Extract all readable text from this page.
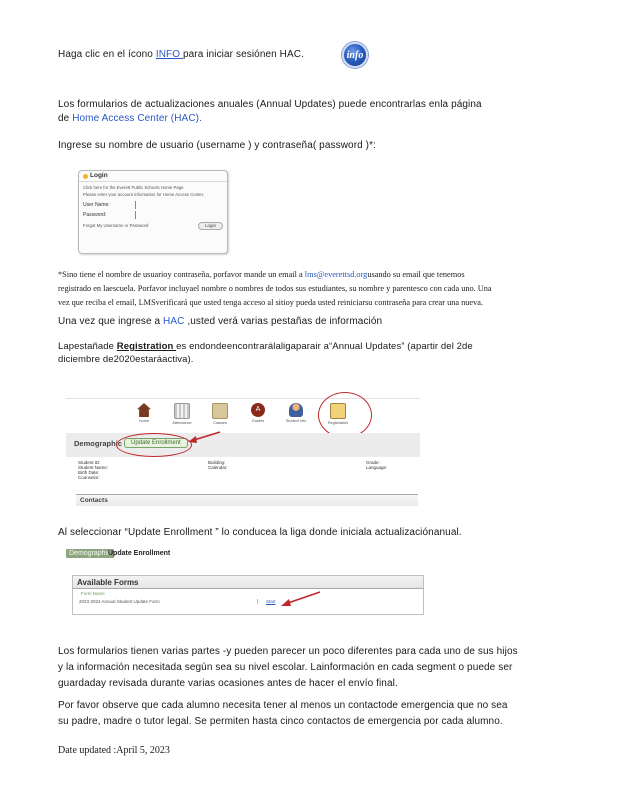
Haga clic en el ícono INFO para iniciar sesiónen HAC.	info
Los formularios de actualizaciones anuales (Annual Updates) puede encontrarlas enla página
de Home Access Center (HAC).
Ingrese su nombre de usuario (username ) y contraseña( password )*:
Login
Click here for the Everett Public Schools Home Page
Please enter your account information for Home Access Center.
User Name:
Password:
Forgot My Username or Password	Login
*Sino tiene el nombre de usuarioy contraseña, porfavor mande un email a lms@everettsd.orgusando su email que tenemos
registrado en laescuela. Porfavor incluyael nombre o nombres de todos sus estudiantes, su nombre y parentesco con cada uno. Una
vez que reciba el email, LMSverificará que usted tenga acceso al sitioy pueda usted reiniciarsu contraseña para crear una nueva.
Una vez que ingrese a HAC ,usted verá varias pestañas de información
Lapestañade Registration es endondeencontrarálaligaparair a“Annual Updates” (apartir del 2de
diciembre de2020estaráactiva).
Home	Attendance	Classes
A
Grades	Student Info	Registration
Demographic	Update Enrollment
Student ID:
Student Name:
Birth Date:
Counselor:
Building:
Calendar:
Grade:
Language:
Contacts
Al seleccionar “Update Enrollment ” lo conducea la liga donde iniciala actualizaciónanual.
Demographic
Update Enrollment
Available Forms
Form Name
2023-2024 Annual Student Update Form	Start
Los formularios tienen varias partes -y pueden parecer un poco diferentes para cada uno de sus hijos
y la información necesitada según sea su nivel escolar. Lainformación en cada segment o puede ser
guardaday revisada durante varias ocasiones antes de hacer el envío final.
Por favor observe que cada alumno necesita tener al menos un contactode emergencia que no sea
su padre, madre o tutor legal. Se permiten hasta cinco contactos de emergencia por cada alumno.
Date updated :April 5, 2023
